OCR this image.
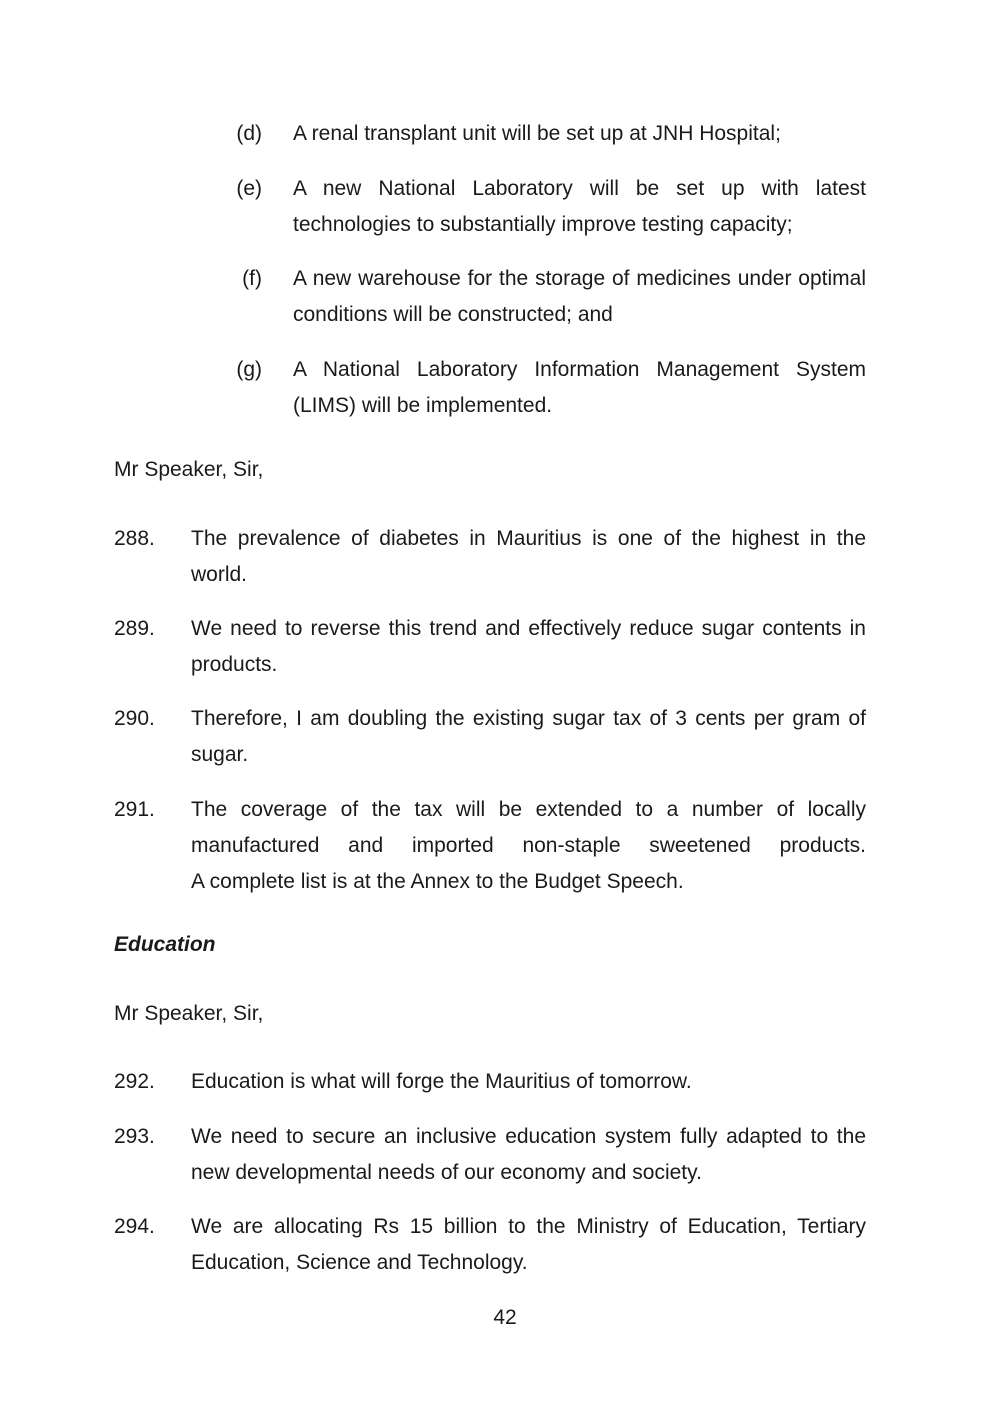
(d) A renal transplant unit will be set up at JNH Hospital;
(e) A new National Laboratory will be set up with latest technologies to substantially improve testing capacity;
(f) A new warehouse for the storage of medicines under optimal conditions will be constructed; and
(g) A National Laboratory Information Management System (LIMS) will be implemented.
Mr Speaker, Sir,
288. The prevalence of diabetes in Mauritius is one of the highest in the world.
289. We need to reverse this trend and effectively reduce sugar contents in products.
290. Therefore, I am doubling the existing sugar tax of 3 cents per gram of sugar.
291. The coverage of the tax will be extended to a number of locally manufactured and imported non-staple sweetened products.
A complete list is at the Annex to the Budget Speech.
Education
Mr Speaker, Sir,
292. Education is what will forge the Mauritius of tomorrow.
293. We need to secure an inclusive education system fully adapted to the new developmental needs of our economy and society.
294. We are allocating Rs 15 billion to the Ministry of Education, Tertiary Education, Science and Technology.
42
